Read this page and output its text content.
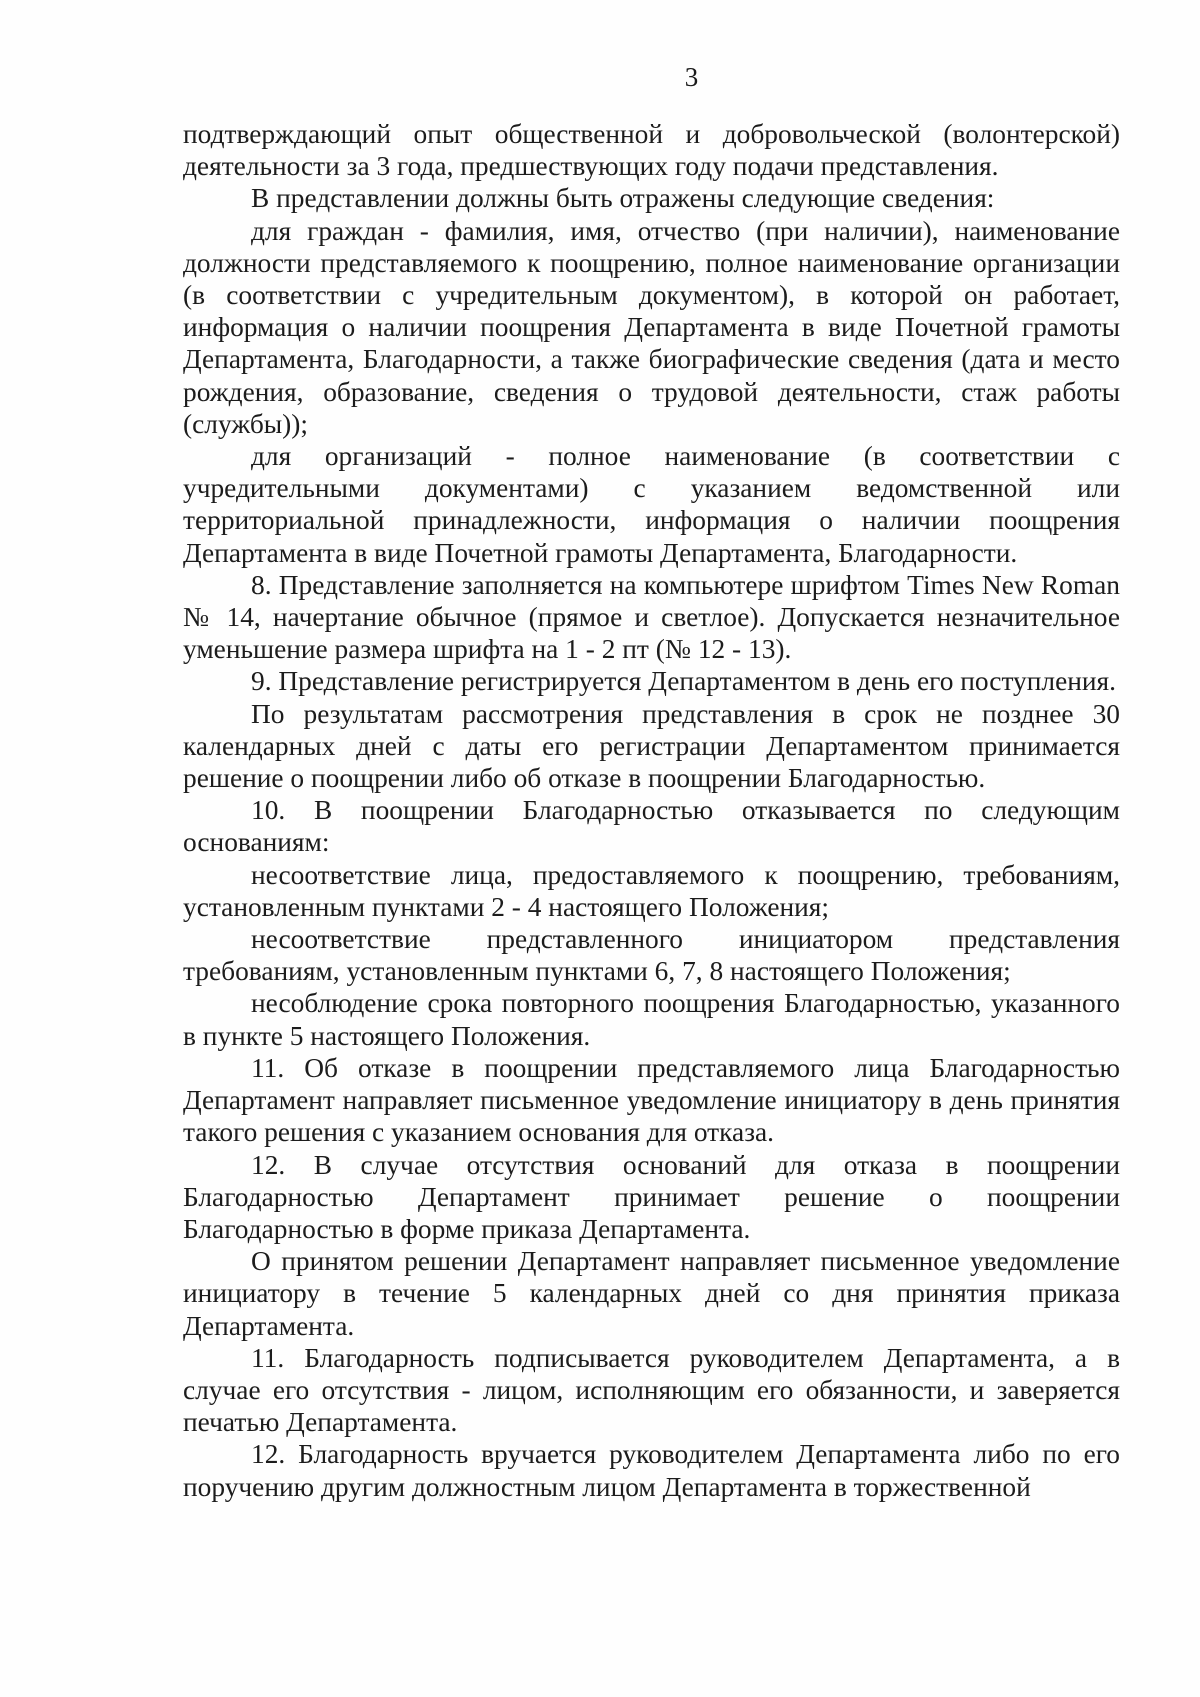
3

подтверждающий опыт общественной и добровольческой (волонтерской) деятельности за 3 года, предшествующих году подачи представления.

В представлении должны быть отражены следующие сведения:

для граждан - фамилия, имя, отчество (при наличии), наименование должности представляемого к поощрению, полное наименование организации (в соответствии с учредительным документом), в которой он работает, информация о наличии поощрения Департамента в виде Почетной грамоты Департамента, Благодарности, а также биографические сведения (дата и место рождения, образование, сведения о трудовой деятельности, стаж работы (службы));

для организаций - полное наименование (в соответствии с учредительными документами) с указанием ведомственной или территориальной принадлежности, информация о наличии поощрения Департамента в виде Почетной грамоты Департамента, Благодарности.

8. Представление заполняется на компьютере шрифтом Times New Roman № 14, начертание обычное (прямое и светлое). Допускается незначительное уменьшение размера шрифта на 1 - 2 пт (№ 12 - 13).

9. Представление регистрируется Департаментом в день его поступления.

По результатам рассмотрения представления в срок не позднее 30 календарных дней с даты его регистрации Департаментом принимается решение о поощрении либо об отказе в поощрении Благодарностью.

10. В поощрении Благодарностью отказывается по следующим основаниям:

несоответствие лица, предоставляемого к поощрению, требованиям, установленным пунктами 2 - 4 настоящего Положения;

несоответствие представленного инициатором представления требованиям, установленным пунктами 6, 7, 8 настоящего Положения;

несоблюдение срока повторного поощрения Благодарностью, указанного в пункте 5 настоящего Положения.

11. Об отказе в поощрении представляемого лица Благодарностью Департамент направляет письменное уведомление инициатору в день принятия такого решения с указанием основания для отказа.

12. В случае отсутствия оснований для отказа в поощрении Благодарностью Департамент принимает решение о поощрении Благодарностью в форме приказа Департамента.

О принятом решении Департамент направляет письменное уведомление инициатору в течение 5 календарных дней со дня принятия приказа Департамента.

11. Благодарность подписывается руководителем Департамента, а в случае его отсутствия - лицом, исполняющим его обязанности, и заверяется печатью Департамента.

12. Благодарность вручается руководителем Департамента либо по его поручению другим должностным лицом Департамента в торжественной
